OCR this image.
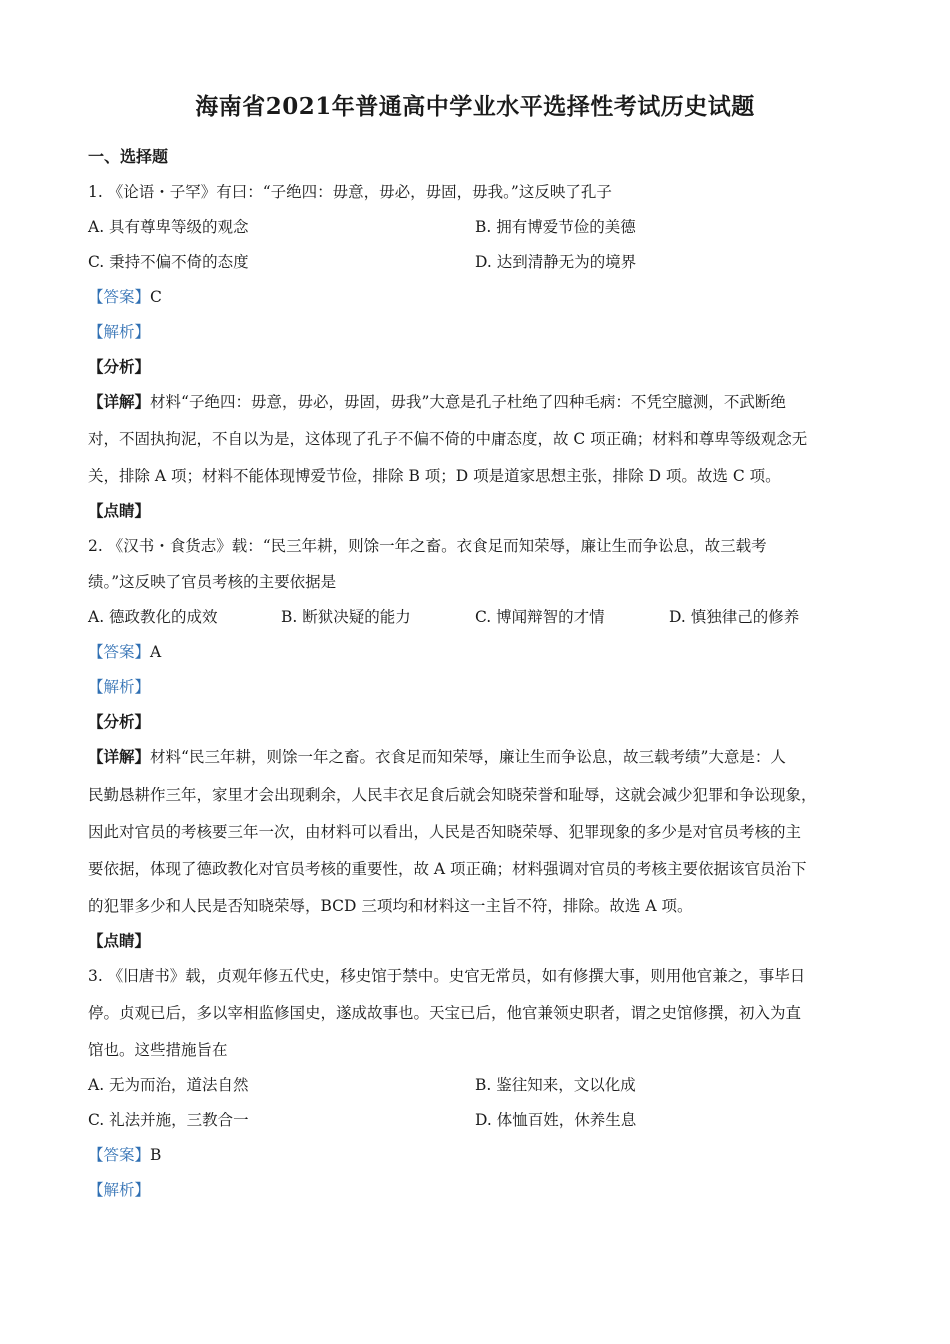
海南省2021年普通高中学业水平选择性考试历史试题
一、选择题
1. 《论语・子罕》有曰：“子绝四：毋意，毋必，毋固，毋我。”这反映了孔子
A. 具有尊卑等级的观念	B. 拥有博爱节俭的美德
C. 秉持不偏不倚的态度	D. 达到清静无为的境界
【答案】C
【解析】
【分析】
【详解】材料“子绝四：毋意，毋必，毋固，毋我”大意是孔子杜绝了四种毛病：不凭空臆测，不武断绝
对，不固执拘泥，不自以为是，这体现了孔子不偏不倚的中庸态度，故 C 项正确；材料和尊卑等级观念无
关，排除 A 项；材料不能体现博爱节俭，排除 B 项；D 项是道家思想主张，排除 D 项。故选 C 项。
【点睛】
2. 《汉书・食货志》载：“民三年耕，则馀一年之畜。衣食足而知荣辱，廉让生而争讼息，故三载考
绩。”这反映了官员考核的主要依据是
A. 德政教化的成效	B. 断狱决疑的能力	C. 博闻辩智的才情	D. 慎独律己的修养
【答案】A
【解析】
【分析】
【详解】材料“民三年耕，则馀一年之畜。衣食足而知荣辱，廉让生而争讼息，故三载考绩”大意是：人
民勤恳耕作三年，家里才会出现剩余，人民丰衣足食后就会知晓荣誉和耻辱，这就会减少犯罪和争讼现象，
因此对官员的考核要三年一次，由材料可以看出，人民是否知晓荣辱、犯罪现象的多少是对官员考核的主
要依据，体现了德政教化对官员考核的重要性，故 A 项正确；材料强调对官员的考核主要依据该官员治下
的犯罪多少和人民是否知晓荣辱，BCD 三项均和材料这一主旨不符，排除。故选 A 项。
【点睛】
3. 《旧唐书》载，贞观年修五代史，移史馆于禁中。史官无常员，如有修撰大事，则用他官兼之，事毕日
停。贞观已后，多以宰相监修国史，遂成故事也。天宝已后，他官兼领史职者，谓之史馆修撰，初入为直
馆也。这些措施旨在
A. 无为而治，道法自然	B. 鉴往知来，文以化成
C. 礼法并施，三教合一	D. 体恤百姓，休养生息
【答案】B
【解析】
